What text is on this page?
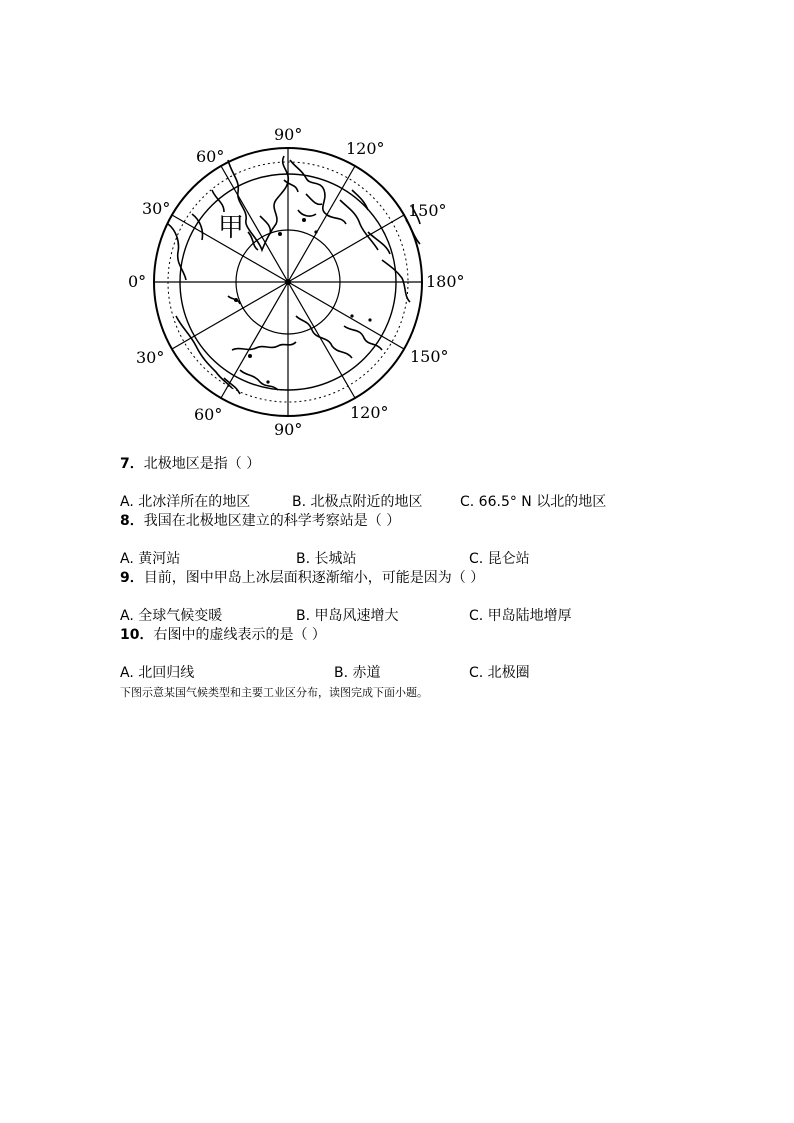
90°
90°
60°
30°
0°
30°
60°
120°
150°
180°
150°
120°
甲
7．北极地区是指（ ）
A. 北冰洋所在的地区	B. 北极点附近的地区	C. 66.5° N 以北的地区
8．我国在北极地区建立的科学考察站是（ ）
A. 黄河站	B. 长城站	C. 昆仑站
9．目前，图中甲岛上冰层面积逐渐缩小，可能是因为（ ）
A. 全球气候变暖	B. 甲岛风速增大	C. 甲岛陆地增厚
10．右图中的虚线表示的是（ ）
A. 北回归线	B. 赤道	C. 北极圈
下图示意某国气候类型和主要工业区分布，读图完成下面小题。
